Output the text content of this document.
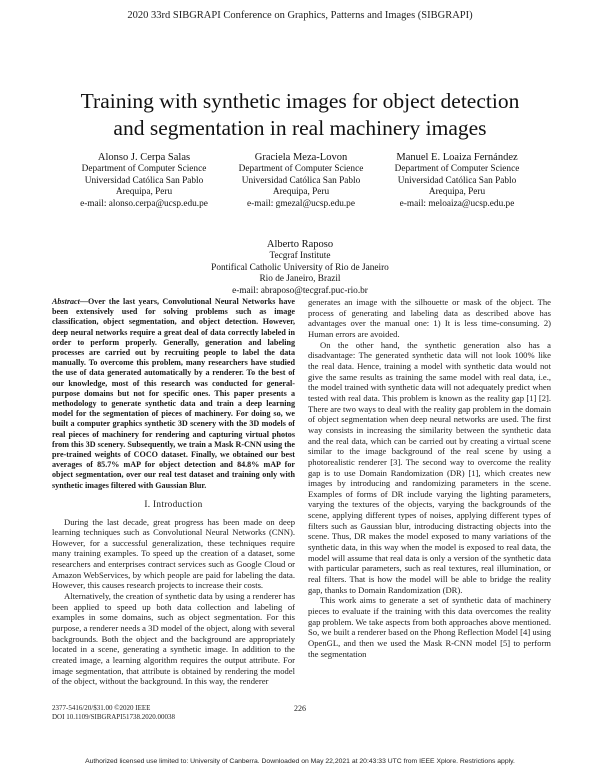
2020 33rd SIBGRAPI Conference on Graphics, Patterns and Images (SIBGRAPI)
Training with synthetic images for object detection
and segmentation in real machinery images
Alonso J. Cerpa Salas
Department of Computer Science
Universidad Católica San Pablo
Arequipa, Peru
e-mail: alonso.cerpa@ucsp.edu.pe
Graciela Meza-Lovon
Department of Computer Science
Universidad Católica San Pablo
Arequipa, Peru
e-mail: gmezal@ucsp.edu.pe
Manuel E. Loaiza Fernández
Department of Computer Science
Universidad Católica San Pablo
Arequipa, Peru
e-mail: meloaiza@ucsp.edu.pe
Alberto Raposo
Tecgraf Institute
Pontifical Catholic University of Rio de Janeiro
Rio de Janeiro, Brazil
e-mail: abraposo@tecgraf.puc-rio.br
Abstract—Over the last years, Convolutional Neural Networks have been extensively used for solving problems such as image classification, object segmentation, and object detection. However, deep neural networks require a great deal of data correctly labeled in order to perform properly. Generally, generation and labeling processes are carried out by recruiting people to label the data manually. To overcome this problem, many researchers have studied the use of data generated automatically by a renderer. To the best of our knowledge, most of this research was conducted for general-purpose domains but not for specific ones. This paper presents a methodology to generate synthetic data and train a deep learning model for the segmentation of pieces of machinery. For doing so, we built a computer graphics synthetic 3D scenery with the 3D models of real pieces of machinery for rendering and capturing virtual photos from this 3D scenery. Subsequently, we train a Mask R-CNN using the pre-trained weights of COCO dataset. Finally, we obtained our best averages of 85.7% mAP for object detection and 84.8% mAP for object segmentation, over our real test dataset and training only with synthetic images filtered with Gaussian Blur.
I. Introduction

During the last decade, great progress has been made on deep learning techniques such as Convolutional Neural Networks (CNN). However, for a successful generalization, these techniques require many training examples. To speed up the creation of a dataset, some researchers and enterprises contract services such as Google Cloud or Amazon WebServices, by which people are paid for labeling the data. However, this causes research projects to increase their costs.

Alternatively, the creation of synthetic data by using a renderer has been applied to speed up both data collection and labeling of examples in some domains, such as object segmentation. For this purpose, a renderer needs a 3D model of the object, along with several backgrounds. Both the object and the background are appropriately located in a scene, generating a synthetic image. In addition to the created image, a learning algorithm requires the output attribute. For image segmentation, that attribute is obtained by rendering the model of the object, without the background. In this way, the renderer

generates an image with the silhouette or mask of the object. The process of generating and labeling data as described above has advantages over the manual one: 1) It is less time-consuming. 2) Human errors are avoided.

On the other hand, the synthetic generation also has a disadvantage: The generated synthetic data will not look 100% like the real data. Hence, training a model with synthetic data would not give the same results as training the same model with real data, i.e., the model trained with synthetic data will not adequately predict when tested with real data. This problem is known as the reality gap [1] [2]. There are two ways to deal with the reality gap problem in the domain of object segmentation when deep neural networks are used. The first way consists in increasing the similarity between the synthetic data and the real data, which can be carried out by creating a virtual scene similar to the image background of the real scene by using a photorealistic renderer [3]. The second way to overcome the reality gap is to use Domain Randomization (DR) [1], which creates new images by introducing and randomizing parameters in the scene. Examples of forms of DR include varying the lighting parameters, varying the textures of the objects, varying the backgrounds of the scene, applying different types of noises, applying different types of filters such as Gaussian blur, introducing distracting objects into the scene. Thus, DR makes the model exposed to many variations of the synthetic data, in this way when the model is exposed to real data, the model will assume that real data is only a version of the synthetic data with particular parameters, such as real textures, real illumination, or real filters. That is how the model will be able to bridge the reality gap, thanks to Domain Randomization (DR).

This work aims to generate a set of synthetic data of machinery pieces to evaluate if the training with this data overcomes the reality gap problem. We take aspects from both approaches above mentioned. So, we built a renderer based on the Phong Reflection Model [4] using OpenGL, and then we used the Mask R-CNN model [5] to perform the segmentation

2377-5416/20/$31.00 ©2020 IEEE
DOI 10.1109/SIBGRAPI51738.2020.00038
226
Authorized licensed use limited to: University of Canberra. Downloaded on May 22,2021 at 20:43:33 UTC from IEEE Xplore. Restrictions apply.
